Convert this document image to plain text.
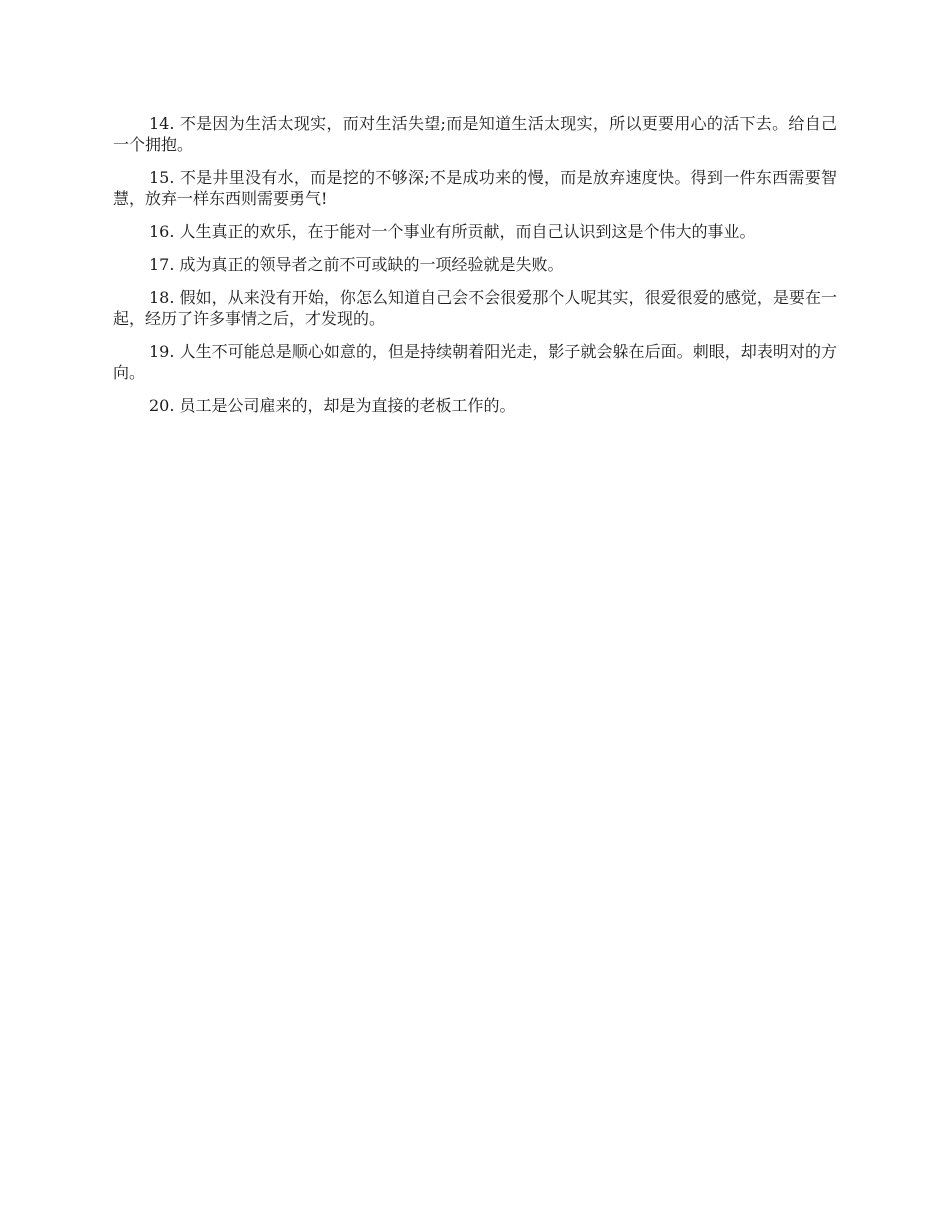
14. 不是因为生活太现实，而对生活失望;而是知道生活太现实，所以更要用心的活下去。给自己一个拥抱。

15. 不是井里没有水，而是挖的不够深;不是成功来的慢，而是放弃速度快。得到一件东西需要智慧，放弃一样东西则需要勇气!

16. 人生真正的欢乐，在于能对一个事业有所贡献，而自己认识到这是个伟大的事业。

17. 成为真正的领导者之前不可或缺的一项经验就是失败。

18. 假如，从来没有开始，你怎么知道自己会不会很爱那个人呢其实，很爱很爱的感觉，是要在一起，经历了许多事情之后，才发现的。

19. 人生不可能总是顺心如意的，但是持续朝着阳光走，影子就会躲在后面。刺眼，却表明对的方向。

20. 员工是公司雇来的，却是为直接的老板工作的。
